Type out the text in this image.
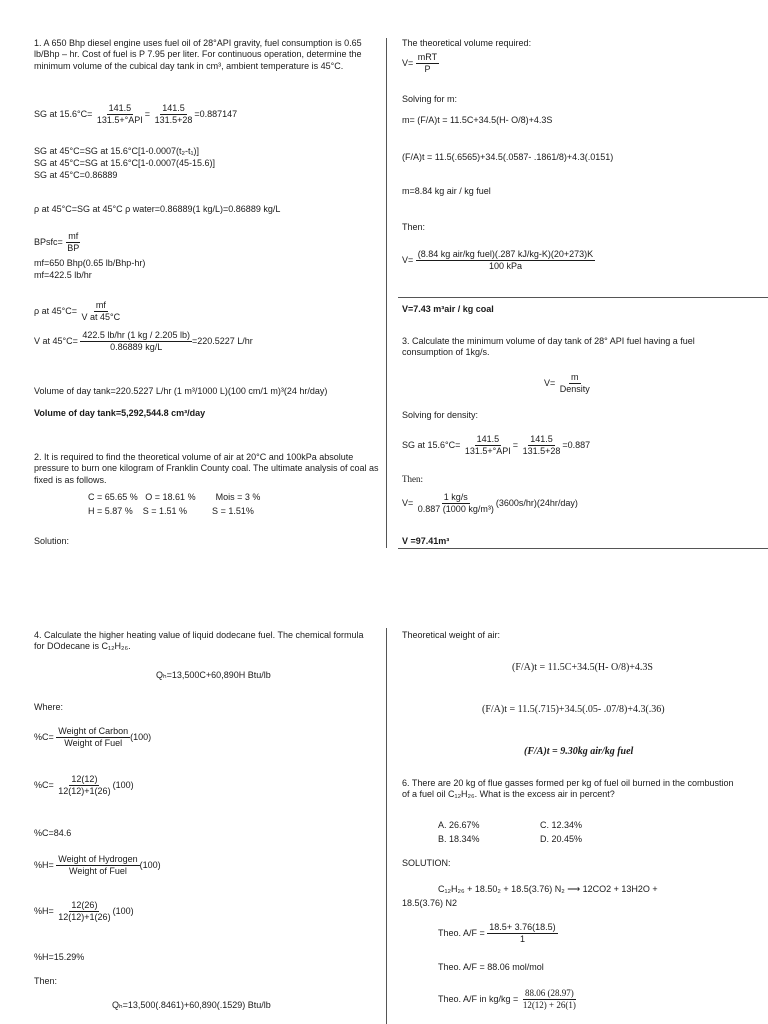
1. A 650 Bhp diesel engine uses fuel oil of 28°API gravity, fuel consumption is 0.65 lb/Bhp – hr. Cost of fuel is P 7.95 per liter. For continuous operation, determine the minimum volume of the cubical day tank in cm³, ambient temperature is 45°C.
SG at $15.6^\circ C= \frac{141.5}{\text{131.5+°API}} = \frac{141.5}{131.5+28} =0.887147$
SG at 45°C=SG at 15.6°C[1-0.0007(t₂-t₁)]
SG at 45°C=SG at 15.6°C[1-0.0007(45-15.6)]
SG at 45°C=0.86889
ρ at 45°C=SG at 45°C ρ water=0.86889(1 kg/L)=0.86889 kg/L
BPsfc= $\frac{mf}{BP}$
mf=650 Bhp(0.65 lb/Bhp-hr)
mf=422.5 lb/hr
ρ at $45^\circ C= \frac{mf}{\text{V at 45°C}}$
V at $45^\circ C= \frac{422.5 lb/hr (1 kg / 2.205 lb)}{0.86889 kg/L} =220.5227$ L/hr
Volume of day tank=220.5227 L/hr (1 m³/1000 L)(100 cm/1 m)³(24 hr/day)
Volume of day tank=5,292,544.8 cm³/day
2. It is required to find the theoretical volume of air at 20°C and 100kPa absolute pressure to burn one kilogram of Franklin County coal. The ultimate analysis of coal as fixed is as follows.
C = 65.65 %   O = 18.61 %        Mois = 3 %
H = 5.87 %    S = 1.51 %          S = 1.51%
Solution:
The theoretical volume required:
$V= \frac{\text{mRT}}{P}$
Solving for m:
m= (F/A)t = 11.5C+34.5(H- O/8)+4.3S
(F/A)t = 11.5(.6565)+34.5(.0587- .1861/8)+4.3(.0151)
m=8.84 kg air / kg fuel
Then:
$V= \frac{\text{(8.84 kg air/kg fuel)(.287 kJ/kg-K)(20+273)K}}{\text{100 kPa}}$
V=7.43 m³air / kg coal
3. Calculate the minimum volume of day tank of 28° API fuel having a fuel consumption of 1kg/s.
$V= \frac{m}{\text{Density}}$
Solving for density:
SG at $15.6^\circ C= \frac{141.5}{\text{131.5+°API}} = \frac{141.5}{131.5+28} =0.887$
Then:
$V= \frac{1 kg/s}{\text{0.887 (1000 kg/m³)}} (3600s/hr)(24hr/day)$
V =97.41m³
4. Calculate the higher heating value of liquid dodecane fuel. The chemical formula for DOdecane is C₁₂H₂₆.
Qₕ=13,500C+60,890H Btu/lb
Where:
$\%C= \frac{\text{Weight of Carbon}}{\text{Weight of Fuel}} (100)$
$\%C= \frac{12(12)}{12(12)+1(26)} (100)$
%C=84.6
$\%H= \frac{\text{Weight of Hydrogen}}{\text{Weight of Fuel}} (100)$
$\%H= \frac{12(26)}{12(12)+1(26)} (100)$
%H=15.29%
Then:
Qₕ=13,500(.8461)+60,890(.1529) Btu/lb
Theoretical weight of air:
(F/A)t = 11.5C+34.5(H- O/8)+4.3S
(F/A)t = 11.5(.715)+34.5(.05- .07/8)+4.3(.36)
(F/A)t = 9.30kg air/kg fuel
6. There are 20 kg of flue gasses formed per kg of fuel oil burned in the combustion of a fuel oil C₁₂H₂₆. What is the excess air in percent?
A. 26.67%	C. 12.34%
B. 18.34%	D. 20.45%
SOLUTION:
C₁₂H₂₆ + 18.50₂ + 18.5(3.76) N₂ ⟶ 12CO2 + 13H2O +
18.5(3.76) N2
Theo. $A/F = \frac{18.5+ 3.76(18.5)}{1}$
Theo. A/F = 88.06 mol/mol
Theo. A/F in $kg/kg = \frac{88.06 (28.97)}{12(12) + 26(1)}$
